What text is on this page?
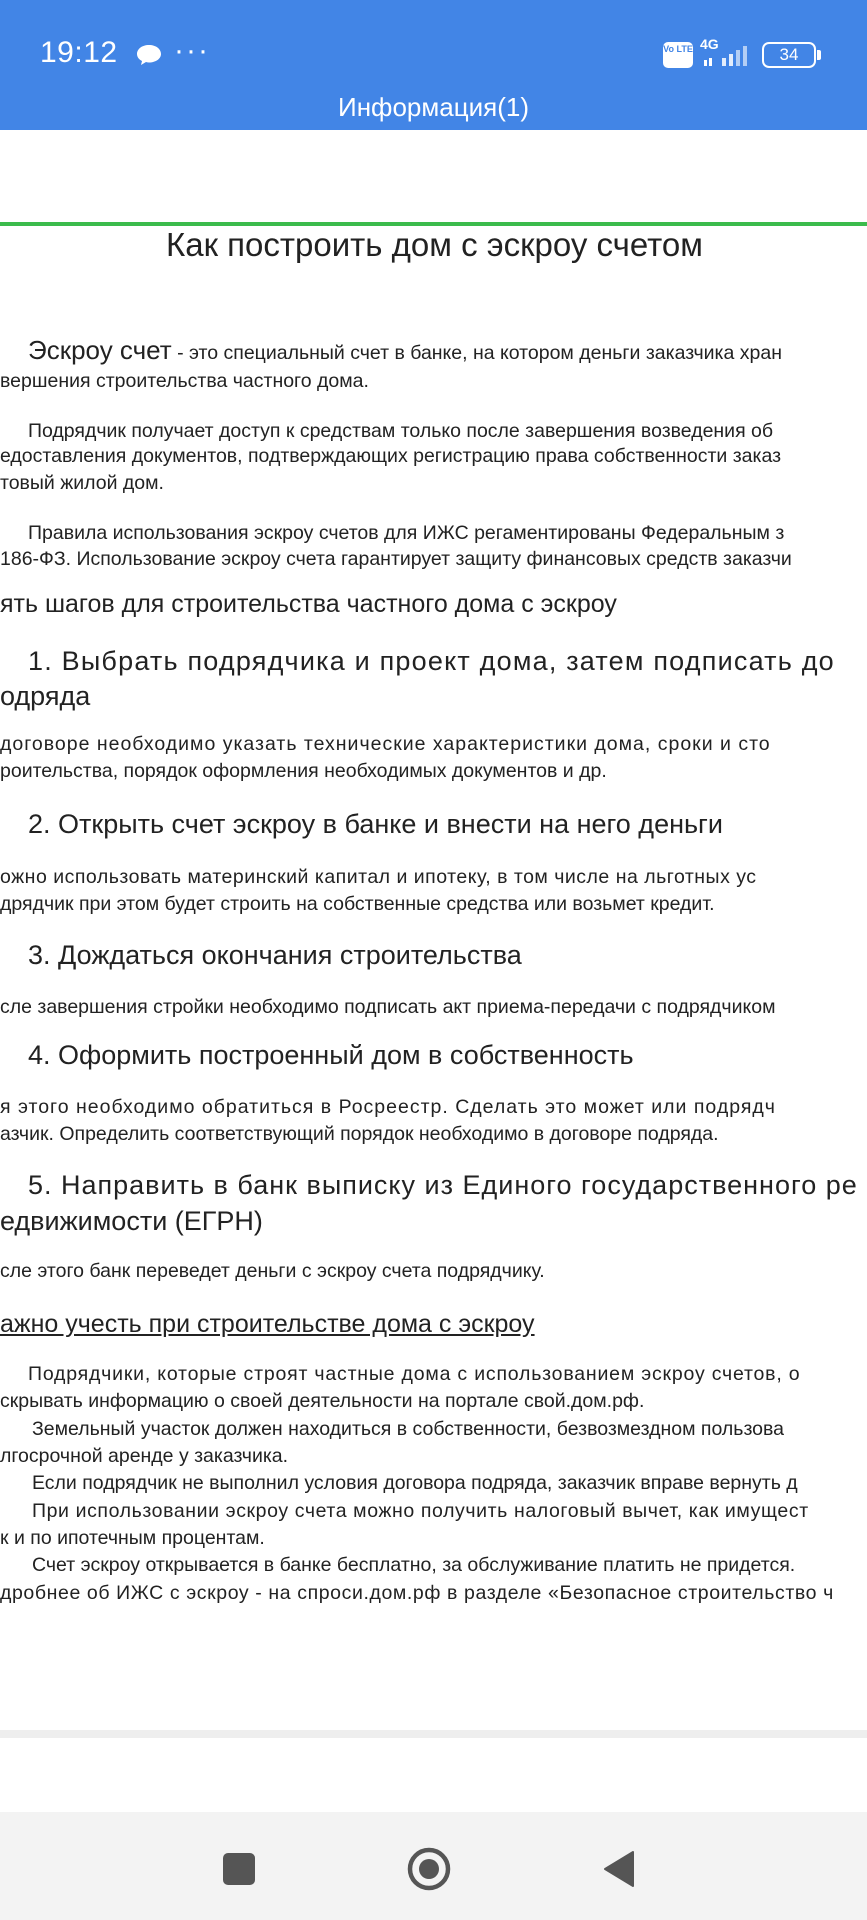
19:12 ···	Vo LTE 4G
34
Информация(1)
Как построить дом с эскроу счетом
Эскроу счет - это специальный счет в банке, на котором деньги заказчика хран
вершения строительства частного дома.
Подрядчик получает доступ к средствам только после завершения возведения об
едоставления документов, подтверждающих регистрацию права собственности заказ
товый жилой дом.
Правила использования эскроу счетов для ИЖС регаментированы Федеральным з
186-ФЗ. Использование эскроу счета гарантирует защиту финансовых средств заказчи
ять шагов для строительства частного дома с эскроу
1. Выбрать подрядчика и проект дома, затем подписать до
одряда
договоре необходимо указать технические характеристики дома, сроки и сто
роительства, порядок оформления необходимых документов и др.
2. Открыть счет эскроу в банке и внести на него деньги
ожно использовать материнский капитал и ипотеку, в том числе на льготных ус
дрядчик при этом будет строить на собственные средства или возьмет кредит.
3. Дождаться окончания строительства
сле завершения стройки необходимо подписать акт приема-передачи с подрядчиком
4. Оформить построенный дом в собственность
я этого необходимо обратиться в Росреестр. Сделать это может или подрядч
азчик. Определить соответствующий порядок необходимо в договоре подряда.
5. Направить в банк выписку из Единого государственного ре
едвижимости (ЕГРН)
сле этого банк переведет деньги с эскроу счета подрядчику.
ажно учесть при строительстве дома с эскроу
Подрядчики, которые строят частные дома с использованием эскроу счетов, о
скрывать информацию о своей деятельности на портале свой.дом.рф.
Земельный участок должен находиться в собственности, безвозмездном пользова
лгосрочной аренде у заказчика.
Если подрядчик не выполнил условия договора подряда, заказчик вправе вернуть д
При использовании эскроу счета можно получить налоговый вычет, как имущест
к и по ипотечным процентам.
Счет эскроу открывается в банке бесплатно, за обслуживание платить не придется.
дробнее об ИЖС с эскроу - на спроси.дом.рф в разделе «Безопасное строительство ч
